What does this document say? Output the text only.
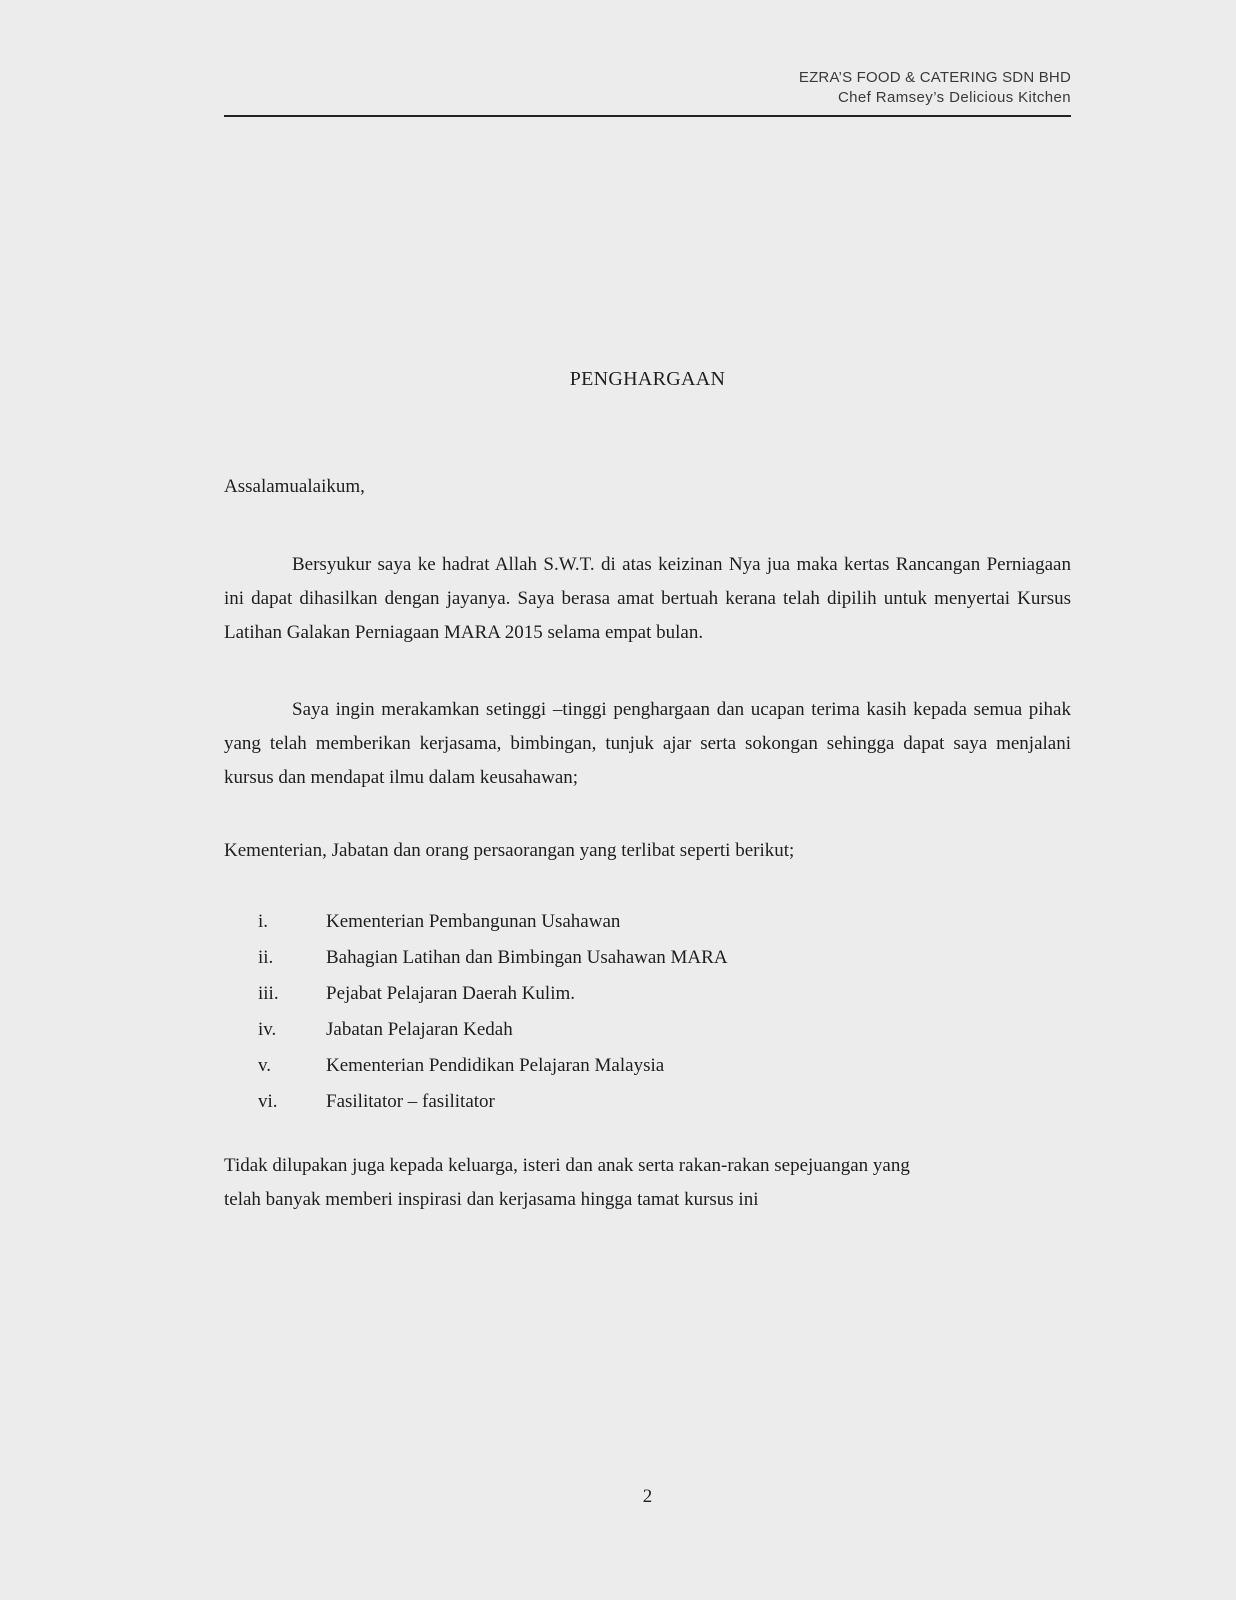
EZRA’S FOOD & CATERING SDN BHD
Chef Ramsey’s Delicious Kitchen
PENGHARGAAN
Assalamualaikum,

Bersyukur saya ke hadrat Allah S.W.T. di atas keizinan Nya jua maka kertas Rancangan Perniagaan ini dapat dihasilkan dengan jayanya. Saya berasa amat bertuah kerana telah dipilih untuk menyertai Kursus Latihan Galakan Perniagaan MARA 2015 selama empat bulan.

Saya ingin merakamkan setinggi –tinggi penghargaan dan ucapan terima kasih kepada semua pihak yang telah memberikan kerjasama, bimbingan, tunjuk ajar serta sokongan sehingga dapat saya menjalani kursus dan mendapat ilmu dalam keusahawan;

Kementerian, Jabatan dan orang persaorangan yang terlibat seperti berikut;

i.	Kementerian Pembangunan Usahawan
ii.	Bahagian Latihan dan Bimbingan Usahawan MARA
iii. Pejabat Pelajaran Daerah Kulim.
iv.	Jabatan Pelajaran Kedah
v.	Kementerian Pendidikan Pelajaran Malaysia
vi.	Fasilitator – fasilitator

Tidak dilupakan juga kepada keluarga, isteri dan anak serta rakan-rakan sepejuangan yang
telah banyak memberi inspirasi dan kerjasama hingga tamat kursus ini

2
